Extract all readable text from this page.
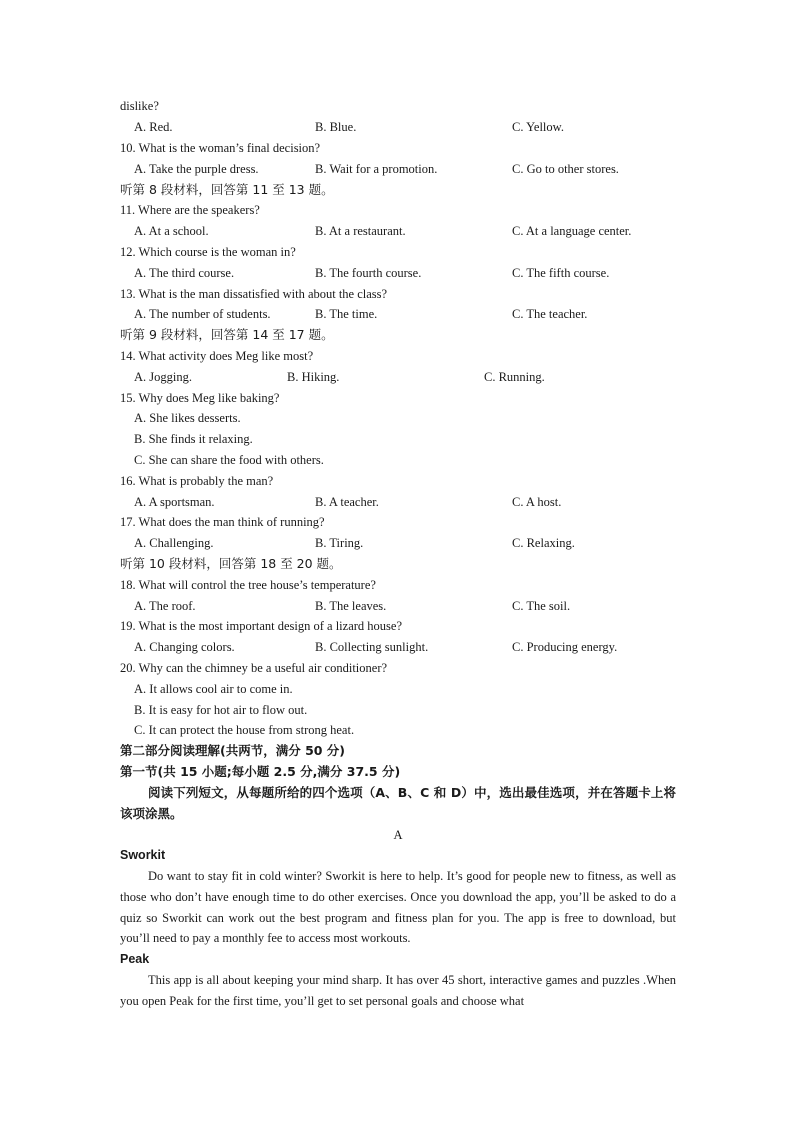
dislike?
A. Red.	B. Blue.	C. Yellow.
10. What is the woman’s final decision?
A. Take the purple dress.	B. Wait for a promotion.	C. Go to other stores.
听第 8 段材料，回答第 11 至 13 题。
11. Where are the speakers?
A. At a school.	B. At a restaurant.	C. At a language center.
12. Which course is the woman in?
A. The third course.	B. The fourth course.	C. The fifth course.
13. What is the man dissatisfied with about the class?
A. The number of students.	B. The time.	C. The teacher.
听第 9 段材料，回答第 14 至 17 题。
14. What activity does Meg like most?
A. Jogging.	B. Hiking.	C. Running.
15. Why does Meg like baking?
A. She likes desserts.
B. She finds it relaxing.
C. She can share the food with others.
16. What is probably the man?
A. A sportsman.	B. A teacher.	C. A host.
17. What does the man think of running?
A. Challenging.	B. Tiring.	C. Relaxing.
听第 10 段材料，回答第 18 至 20 题。
18. What will control the tree house’s temperature?
A. The roof.	B. The leaves.	C. The soil.
19. What is the most important design of a lizard house?
A. Changing colors.	B. Collecting sunlight.	C. Producing energy.
20. Why can the chimney be a useful air conditioner?
A. It allows cool air to come in.
B. It is easy for hot air to flow out.
C. It can protect the house from strong heat.
第二部分阅读理解(共两节，满分 50 分)
第一节(共 15 小题;每小题 2.5 分,满分 37.5 分)
阅读下列短文，从每题所给的四个选项（A、B、C 和 D）中，选出最佳选项，并在答题卡上将该项涂黑。
A
Sworkit
Do want to stay fit in cold winter? Sworkit is here to help. It’s good for people new to fitness, as well as those who don’t have enough time to do other exercises. Once you download the app, you’ll be asked to do a quiz so Sworkit can work out the best program and fitness plan for you. The app is free to download, but you’ll need to pay a monthly fee to access most workouts.
Peak
This app is all about keeping your mind sharp. It has over 45 short, interactive games and puzzles .When you open Peak for the first time, you’ll get to set personal goals and choose what
